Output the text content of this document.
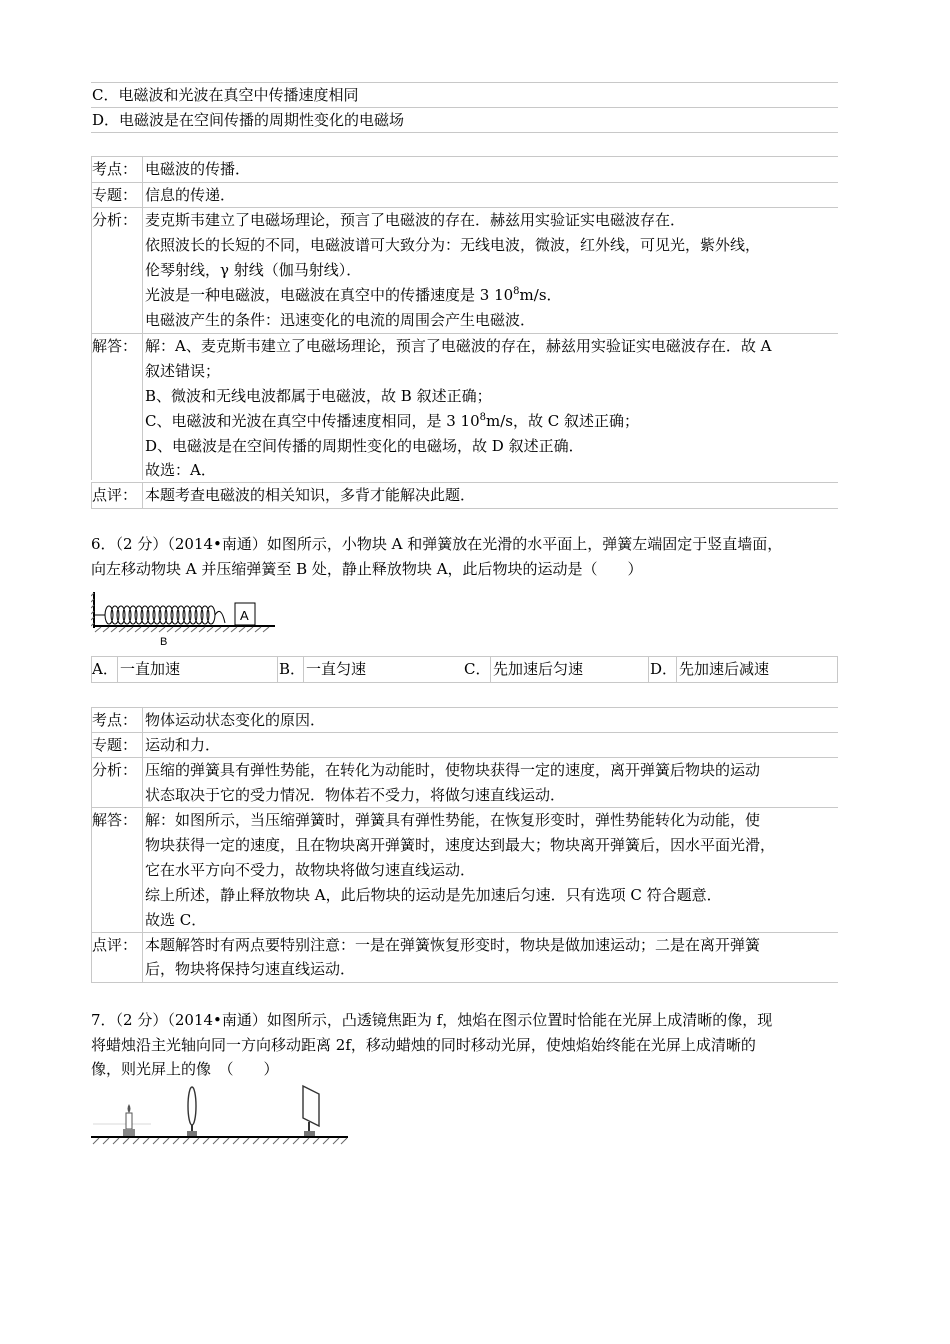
C．电磁波和光波在真空中传播速度相同
D．电磁波是在空间传播的周期性变化的电磁场
考点： 电磁波的传播．
专题： 信息的传递．
分析： 麦克斯韦建立了电磁场理论，预言了电磁波的存在．赫兹用实验证实电磁波存在．
依照波长的长短的不同，电磁波谱可大致分为：无线电波，微波，红外线，可见光，紫外线，
伦琴射线，γ 射线（伽马射线）．
光波是一种电磁波，电磁波在真空中的传播速度是 3 $10^8m/s$．
电磁波产生的条件：迅速变化的电流的周围会产生电磁波．
解答： 解：A、麦克斯韦建立了电磁场理论，预言了电磁波的存在，赫兹用实验证实电磁波存在．故 A
叙述错误；
B、微波和无线电波都属于电磁波，故 B 叙述正确；
C、电磁波和光波在真空中传播速度相同，是 3 $10^8m/s$，故 C 叙述正确；
D、电磁波是在空间传播的周期性变化的电磁场，故 D 叙述正确．
故选：A．
点评： 本题考查电磁波的相关知识，多背才能解决此题．
6．（2 分）（2014•南通）如图所示，小物块 A 和弹簧放在光滑的水平面上，弹簧左端固定于竖直墙面，
向左移动物块 A 并压缩弹簧至 B 处，静止释放物块 A，此后物块的运动是（　　）
A
B
A． 一直加速	B． 一直匀速	C． 先加速后匀速	D． 先加速后减速
考点： 物体运动状态变化的原因．
专题： 运动和力．
分析： 压缩的弹簧具有弹性势能，在转化为动能时，使物块获得一定的速度，离开弹簧后物块的运动
状态取决于它的受力情况．物体若不受力，将做匀速直线运动．
解答： 解：如图所示，当压缩弹簧时，弹簧具有弹性势能，在恢复形变时，弹性势能转化为动能，使
物块获得一定的速度，且在物块离开弹簧时，速度达到最大；物块离开弹簧后，因水平面光滑，
它在水平方向不受力，故物块将做匀速直线运动．
综上所述，静止释放物块 A，此后物块的运动是先加速后匀速．只有选项 C 符合题意．
故选 C．
点评： 本题解答时有两点要特别注意：一是在弹簧恢复形变时，物块是做加速运动；二是在离开弹簧
后，物块将保持匀速直线运动．
7．（2 分）（2014•南通）如图所示，凸透镜焦距为 f，烛焰在图示位置时恰能在光屏上成清晰的像，现
将蜡烛沿主光轴向同一方向移动距离 2f，移动蜡烛的同时移动光屏，使烛焰始终能在光屏上成清晰的
像，则光屏上的像　（　　）
